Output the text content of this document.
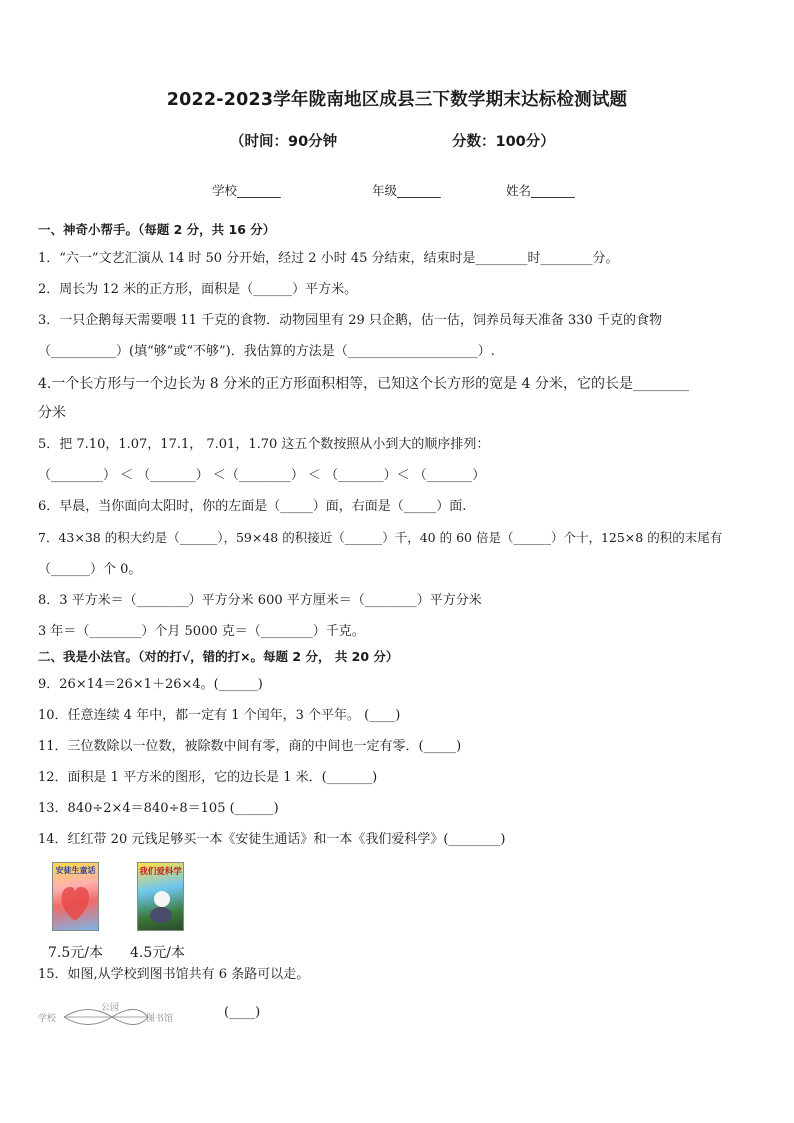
2022-2023学年陇南地区成县三下数学期末达标检测试题
（时间：90分钟	分数：100分）
学校_______	年级_______	姓名_______
一、神奇小帮手。（每题 2 分，共 16 分）
1．“六一”文艺汇演从 14 时 50 分开始，经过 2 小时 45 分结束，结束时是________时________分。
2．周长为 12 米的正方形，面积是（______）平方米。
3．一只企鹅每天需要喂 11 千克的食物．动物园里有 29 只企鹅，估一估，饲养员每天准备 330 千克的食物
（__________）(填“够”或“不够”)．我估算的方法是（____________________）.
4.一个长方形与一个边长为 8 分米的正方形面积相等，已知这个长方形的宽是 4 分米，它的长是________
分米
5．把 7.10，1.07，17.1， 7.01，1.70 这五个数按照从小到大的顺序排列：
（________） ＜ （_______） ＜（________） ＜ （_______）＜ （_______）
6．早晨，当你面向太阳时，你的左面是（_____）面，右面是（_____）面.
7．43×38 的积大约是（______），59×48 的积接近（______）千，40 的 60 倍是（______）个十，125×8 的积的末尾有
（______）个 0。
8．3 平方米＝（________）平方分米 600 平方厘米＝（________）平方分米
3 年＝（________）个月 5000 克＝（________）千克。
二、我是小法官。（对的打√，错的打×。每题 2 分， 共 20 分）
9．26×14＝26×1＋26×4。(______)
10．任意连续 4 年中，都一定有 1 个闰年，3 个平年。 (____)
11．三位数除以一位数，被除数中间有零，商的中间也一定有零．(_____)
12．面积是 1 平方米的图形，它的边长是 1 米．(_______)
13．840÷2×4＝840÷8＝105 (______)
14．红红带 20 元钱足够买一本《安徒生通话》和一本《我们爱科学》(________)
安徒生童话	我们爱科学
7.5元/本 4.5元/本
15．如图,从学校到图书馆共有 6 条路可以走。
学校
公园
图书馆	(____)
